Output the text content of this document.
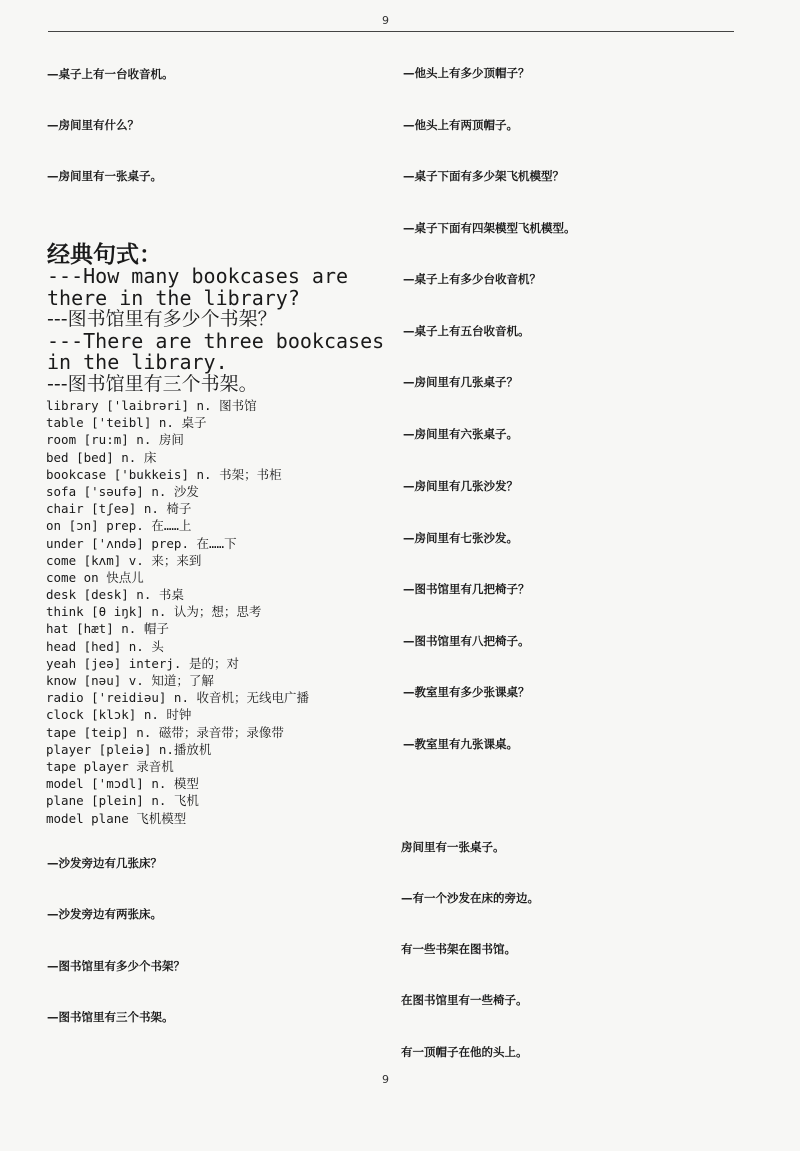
9
—桌子上有一台收音机。
—房间里有什么？
—房间里有一张桌子。
经典句式：
---How many bookcases are
there in the library?
---图书馆里有多少个书架？
---There are three bookcases
in the library.
---图书馆里有三个书架。
library ['laibrəri] n. 图书馆
table ['teibl] n. 桌子
room [ru:m] n. 房间
bed [bed] n. 床
bookcase ['bukkeis] n. 书架；书柜
sofa ['səufə] n. 沙发
chair [tʃeə] n. 椅子
on [ɔn] prep. 在……上
under ['ʌndə] prep. 在……下
come [kʌm] v. 来；来到
come on 快点儿
desk [desk] n. 书桌
think [θ iŋk] n. 认为；想；思考
hat [hæt] n. 帽子
head [hed] n. 头
yeah [jeə] interj. 是的；对
know [nəu] v. 知道；了解
radio ['reidiəu] n. 收音机；无线电广播
clock [klɔk] n. 时钟
tape [teip] n. 磁带；录音带；录像带
player [pleiə] n.播放机
tape player 录音机
model ['mɔdl] n. 模型
plane [plein] n. 飞机
model plane 飞机模型
—沙发旁边有几张床？
—沙发旁边有两张床。
—图书馆里有多少个书架？
—图书馆里有三个书架。
—他头上有多少顶帽子？
—他头上有两顶帽子。
—桌子下面有多少架飞机模型？
—桌子下面有四架模型飞机模型。
—桌子上有多少台收音机？
—桌子上有五台收音机。
—房间里有几张桌子？
—房间里有六张桌子。
—房间里有几张沙发？
—房间里有七张沙发。
—图书馆里有几把椅子？
—图书馆里有八把椅子。
—教室里有多少张课桌？
—教室里有九张课桌。
房间里有一张桌子。
—有一个沙发在床的旁边。
有一些书架在图书馆。
在图书馆里有一些椅子。
有一顶帽子在他的头上。
9
